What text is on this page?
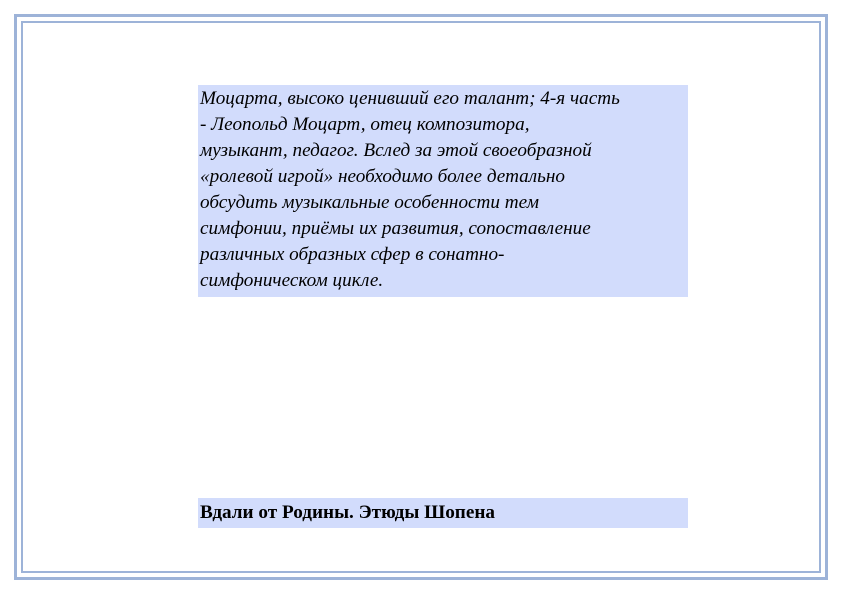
Моцарта, высоко ценивший его талант; 4-я часть
- Леопольд Моцарт, отец композитора,
музыкант, педагог. Вслед за этой своеобразной
«ролевой игрой» необходимо более детально
обсудить музыкальные особенности тем
симфонии, приёмы их развития, сопоставление
различных образных сфер в сонатно-
симфоническом цикле.
Вдали от Родины. Этюды Шопена
